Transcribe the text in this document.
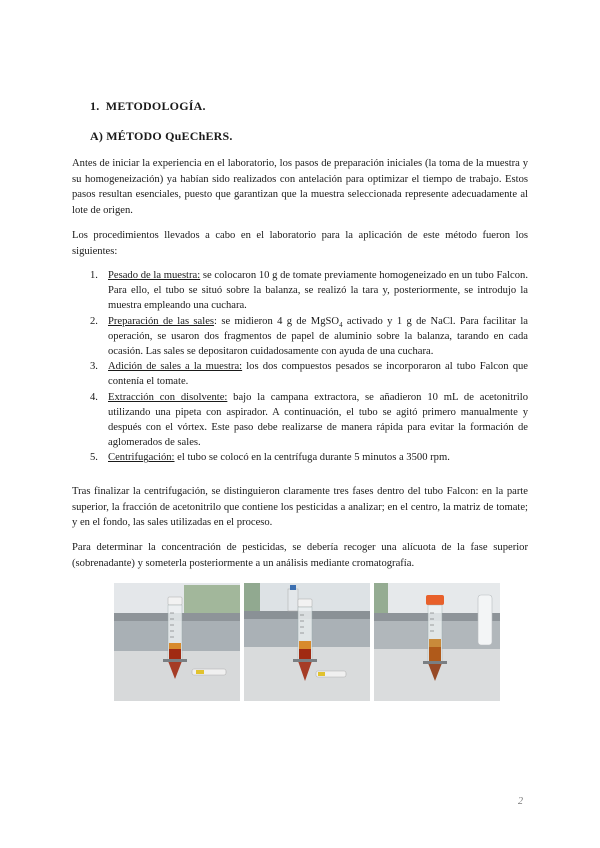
1.  METODOLOGÍA.
A) MÉTODO QuEChERS.

Antes de iniciar la experiencia en el laboratorio, los pasos de preparación iniciales (la toma de la muestra y su homogeneización) ya habían sido realizados con antelación para optimizar el tiempo de trabajo. Estos pasos resultan esenciales, puesto que garantizan que la muestra seleccionada represente adecuadamente al lote de origen.

Los procedimientos llevados a cabo en el laboratorio para la aplicación de este método fueron los siguientes:

1. Pesado de la muestra: se colocaron 10 g de tomate previamente homogeneizado en un tubo Falcon. Para ello, el tubo se situó sobre la balanza, se realizó la tara y, posteriormente, se introdujo la muestra empleando una cuchara.
2. Preparación de las sales: se midieron 4 g de MgSO$_4$ activado y 1 g de NaCl. Para facilitar la operación, se usaron dos fragmentos de papel de aluminio sobre la balanza, tarando en cada ocasión. Las sales se depositaron cuidadosamente con ayuda de una cuchara.
3. Adición de sales a la muestra: los dos compuestos pesados se incorporaron al tubo Falcon que contenía el tomate.
4. Extracción con disolvente: bajo la campana extractora, se añadieron 10 mL de acetonitrilo utilizando una pipeta con aspirador. A continuación, el tubo se agitó primero manualmente y después con el vórtex. Este paso debe realizarse de manera rápida para evitar la formación de aglomerados de sales.
5. Centrifugación: el tubo se colocó en la centrífuga durante 5 minutos a 3500 rpm.

Tras finalizar la centrifugación, se distinguieron claramente tres fases dentro del tubo Falcon: en la parte superior, la fracción de acetonitrilo que contiene los pesticidas a analizar; en el centro, la matriz de tomate; y en el fondo, las sales utilizadas en el proceso.

Para determinar la concentración de pesticidas, se debería recoger una alícuota de la fase superior (sobrenadante) y someterla posteriormente a un análisis mediante cromatografía.

2
